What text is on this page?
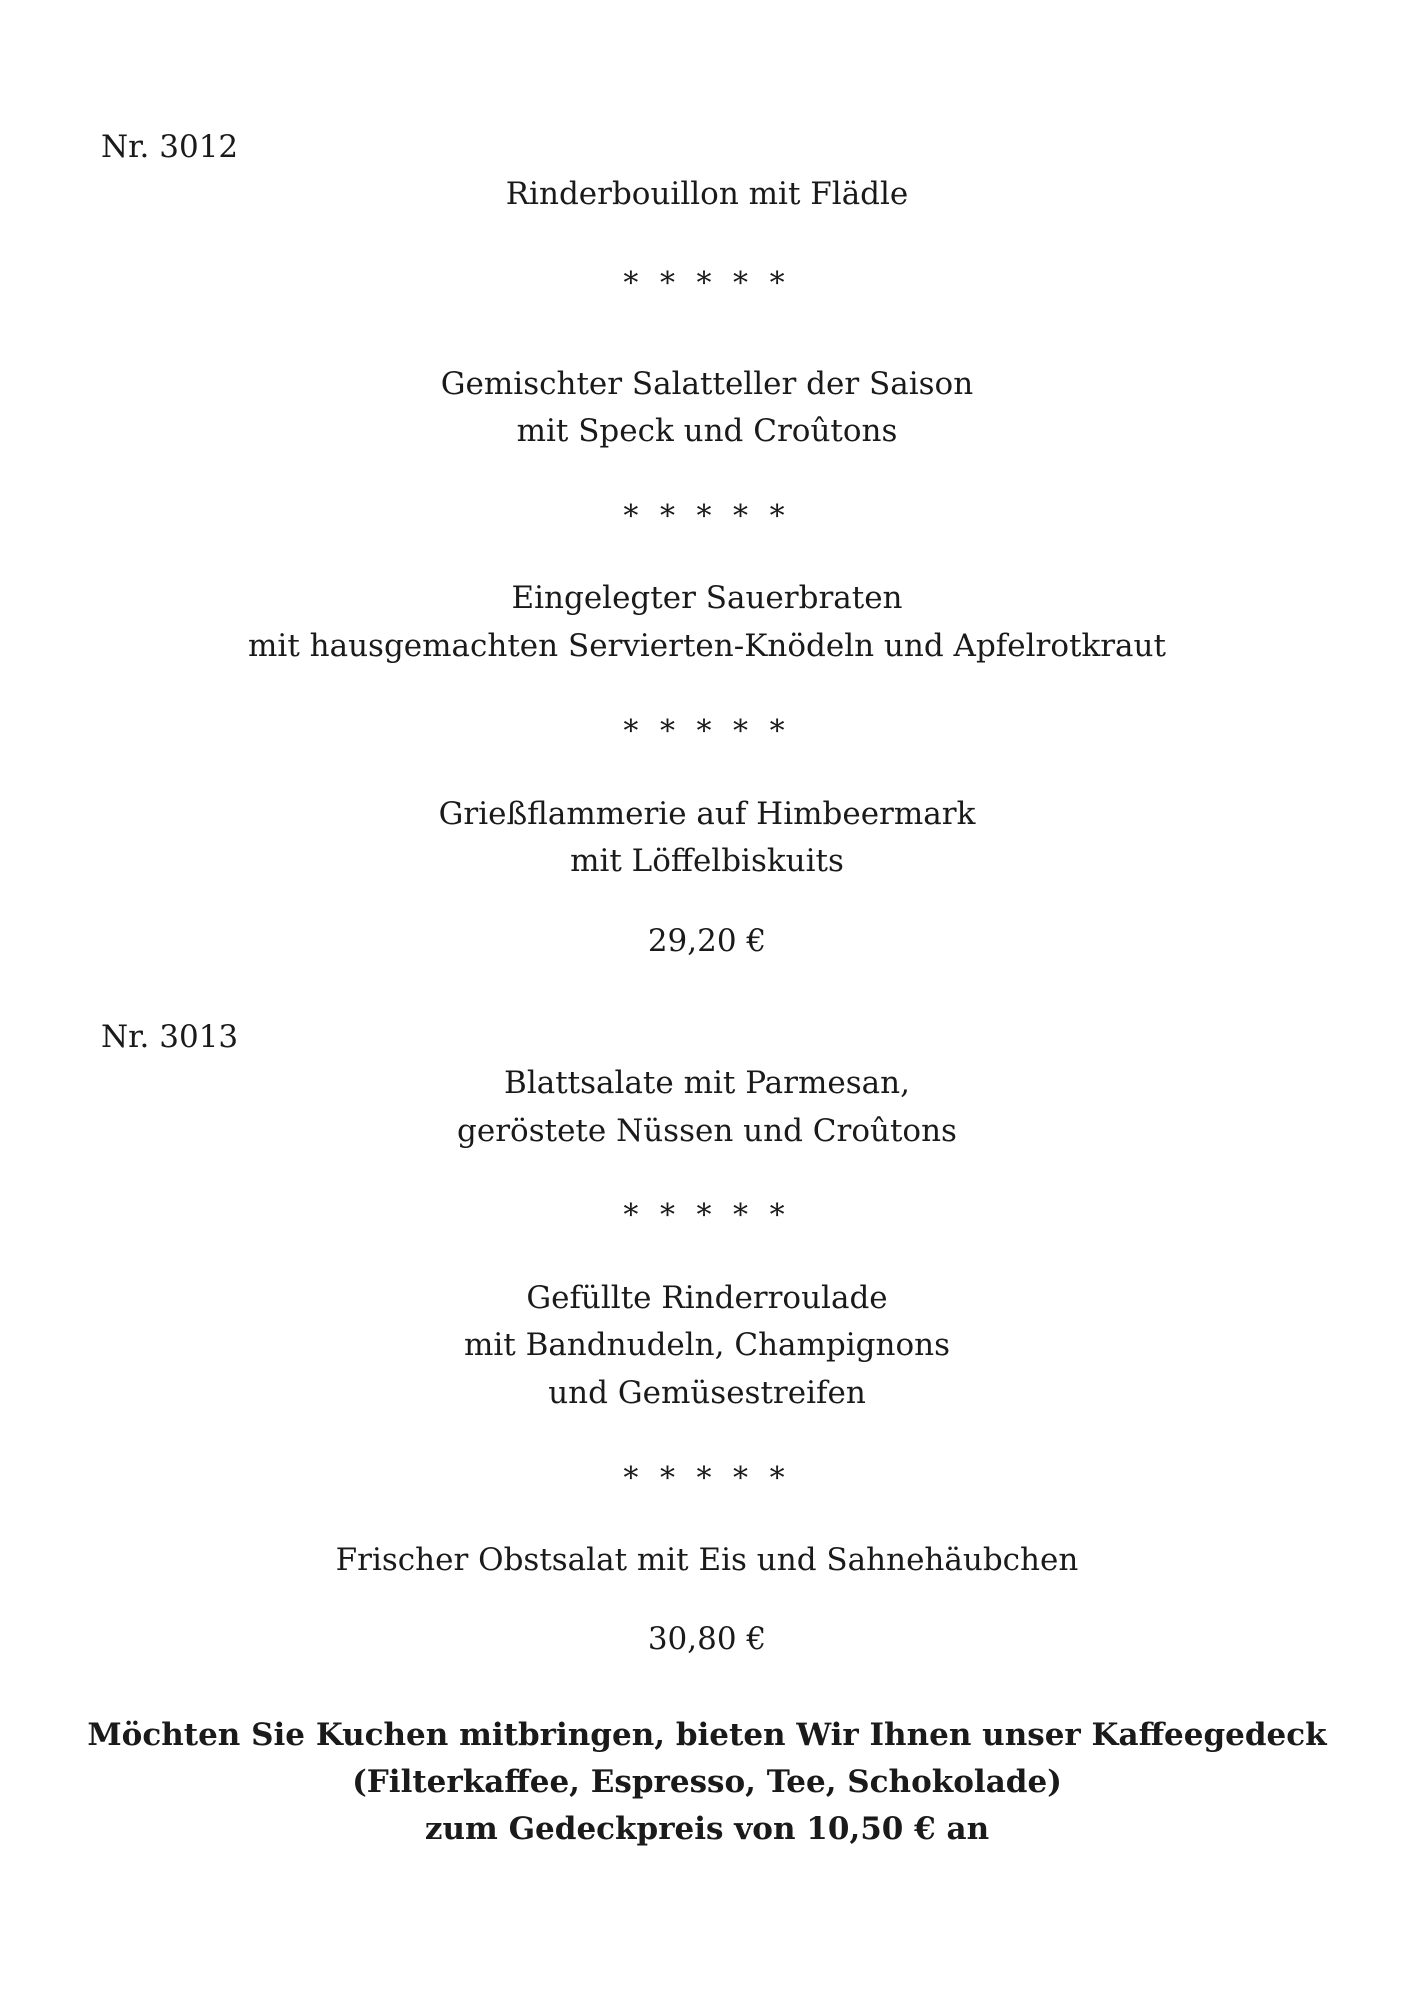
Nr. 3012
Rinderbouillon mit Flädle
* * * * *
Gemischter Salatteller der Saison
mit Speck und Croûtons
* * * * *
Eingelegter Sauerbraten
mit hausgemachten Servierten-Knödeln und Apfelrotkraut
* * * * *
Grießflammerie auf Himbeermark
mit Löffelbiskuits
29,20 €
Nr. 3013
Blattsalate mit Parmesan,
geröstete Nüssen und Croûtons
* * * * *
Gefüllte Rinderroulade
mit Bandnudeln, Champignons
und Gemüsestreifen
* * * * *
Frischer Obstsalat mit Eis und Sahnehäubchen
30,80 €
Möchten Sie Kuchen mitbringen, bieten Wir Ihnen unser Kaffeegedeck
(Filterkaffee, Espresso, Tee, Schokolade)
zum Gedeckpreis von 10,50 € an
